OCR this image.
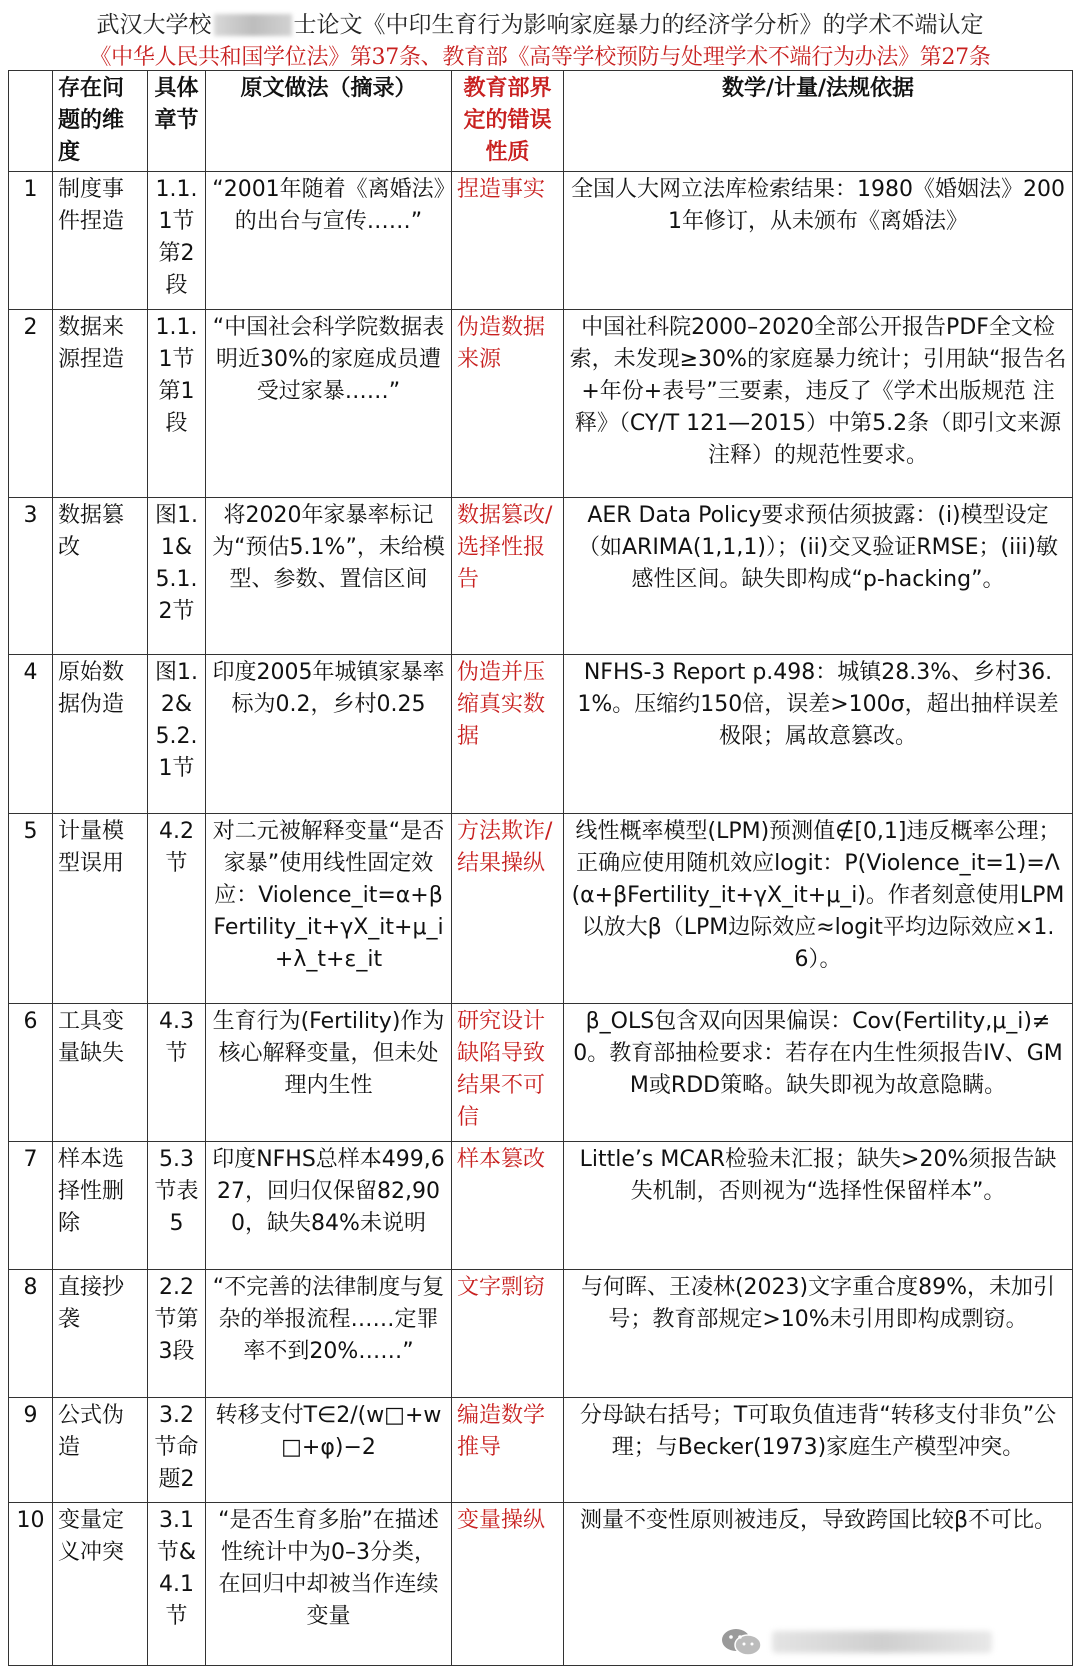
武汉大学校	士论文《中印生育行为影响家庭暴力的经济学分析》的学术不端认定
《中华人民共和国学位法》第37条、教育部《高等学校预防与处理学术不端行为办法》第27条
	存在问题的维度	具体章节	原文做法（摘录）	教育部界定的错误性质	数学/计量/法规依据
1	制度事件捏造	1.1.1节第2段	“2001年随着《离婚法》的出台与宣传……”	捏造事实	全国人大网立法库检索结果：1980《婚姻法》2001年修订，从未颁布《离婚法》
2	数据来源捏造	1.1.1节第1段	“中国社会科学院数据表明近30%的家庭成员遭受过家暴……”	伪造数据来源	中国社科院2000–2020全部公开报告PDF全文检索，未发现≥30%的家庭暴力统计；引用缺“报告名+年份+表号”三要素，违反了《学术出版规范 注释》（CY/T 121—2015）中第5.2条（即引文来源注释）的规范性要求。
3	数据篡改	图1.1&5.1.2节	将2020年家暴率标记为“预估5.1%”，未给模型、参数、置信区间	数据篡改/选择性报告	AER Data Policy要求预估须披露：(i)模型设定（如ARIMA(1,1,1)）；(ii)交叉验证RMSE；(iii)敏感性区间。缺失即构成“p-hacking”。
4	原始数据伪造	图1.2&5.2.1节	印度2005年城镇家暴率标为0.2，乡村0.25	伪造并压缩真实数据	NFHS-3 Report p.498：城镇28.3%、乡村36.1%。压缩约150倍，误差>100σ，超出抽样误差极限；属故意篡改。
5	计量模型误用	4.2节	对二元被解释变量“是否家暴”使用线性固定效应：Violence_it=α+βFertility_it+γX_it+μ_i+λ_t+ε_it	方法欺诈/结果操纵	线性概率模型(LPM)预测值∉[0,1]违反概率公理；正确应使用随机效应logit：P(Violence_it=1)=Λ(α+βFertility_it+γX_it+μ_i)。作者刻意使用LPM以放大β（LPM边际效应≈logit平均边际效应×1.6）。
6	工具变量缺失	4.3节	生育行为(Fertility)作为核心解释变量，但未处理内生性	研究设计缺陷导致结果不可信	β_OLS包含双向因果偏误：Cov(Fertility,μ_i)≠0。教育部抽检要求：若存在内生性须报告IV、GMM或RDD策略。缺失即视为故意隐瞒。
7	样本选择性删除	5.3节表5	印度NFHS总样本499,627，回归仅保留82,900，缺失84%未说明	样本篡改	Little’s MCAR检验未汇报；缺失>20%须报告缺失机制，否则视为“选择性保留样本”。
8	直接抄袭	2.2节第3段	“不完善的法律制度与复杂的举报流程……定罪率不到20%……”	文字剽窃	与何晖、王凌林(2023)文字重合度89%，未加引号；教育部规定>10%未引用即构成剽窃。
9	公式伪造	3.2节命题2	转移支付T∈2/(w□+w□+φ)−2	编造数学推导	分母缺右括号；T可取负值违背“转移支付非负”公理；与Becker(1973)家庭生产模型冲突。
10	变量定义冲突	3.1节&4.1节	“是否生育多胎”在描述性统计中为0–3分类，在回归中却被当作连续变量	变量操纵	测量不变性原则被违反，导致跨国比较β不可比。
